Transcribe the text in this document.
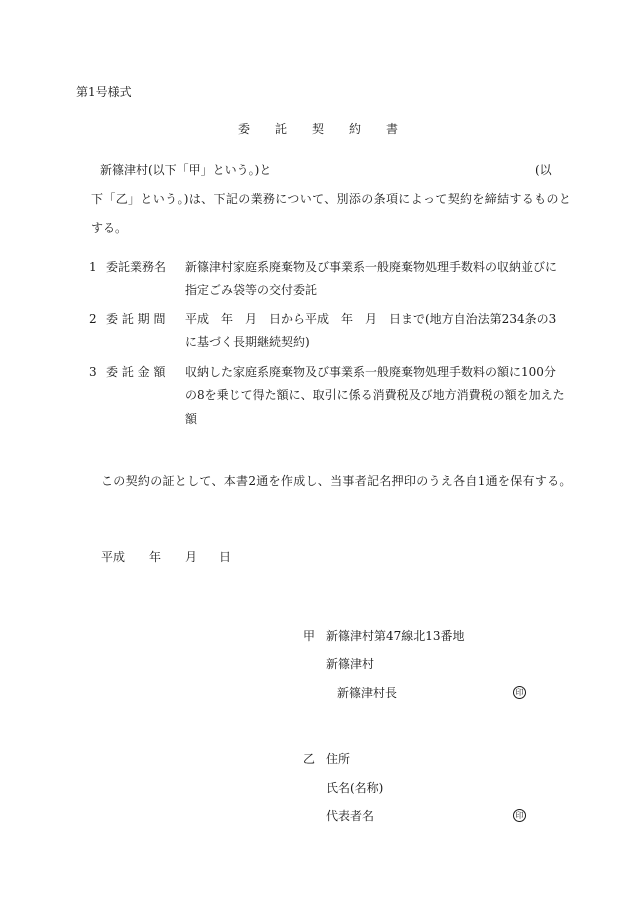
第1号様式
委託契約書
新篠津村(以下「甲」という。)と	(以
下「乙」という。)は、下記の業務について、別添の条項によって契約を締結するものと
する。
1 委託業務名 新篠津村家庭系廃棄物及び事業系一般廃棄物処理手数料の収納並びに
指定ごみ袋等の交付委託
2 委 託 期 間 平成　年　月　日から平成　年　月　日まで(地方自治法第234条の3
に基づく長期継続契約)
3 委 託 金 額 収納した家庭系廃棄物及び事業系一般廃棄物処理手数料の額に100分
の8を乗じて得た額に、取引に係る消費税及び地方消費税の額を加えた
額
この契約の証として、本書2通を作成し、当事者記名押印のうえ各自1通を保有する。
平成 年 月 日
甲 新篠津村第47線北13番地
新篠津村
新篠津村長	印
乙 住所
氏名(名称)
代表者名	印
